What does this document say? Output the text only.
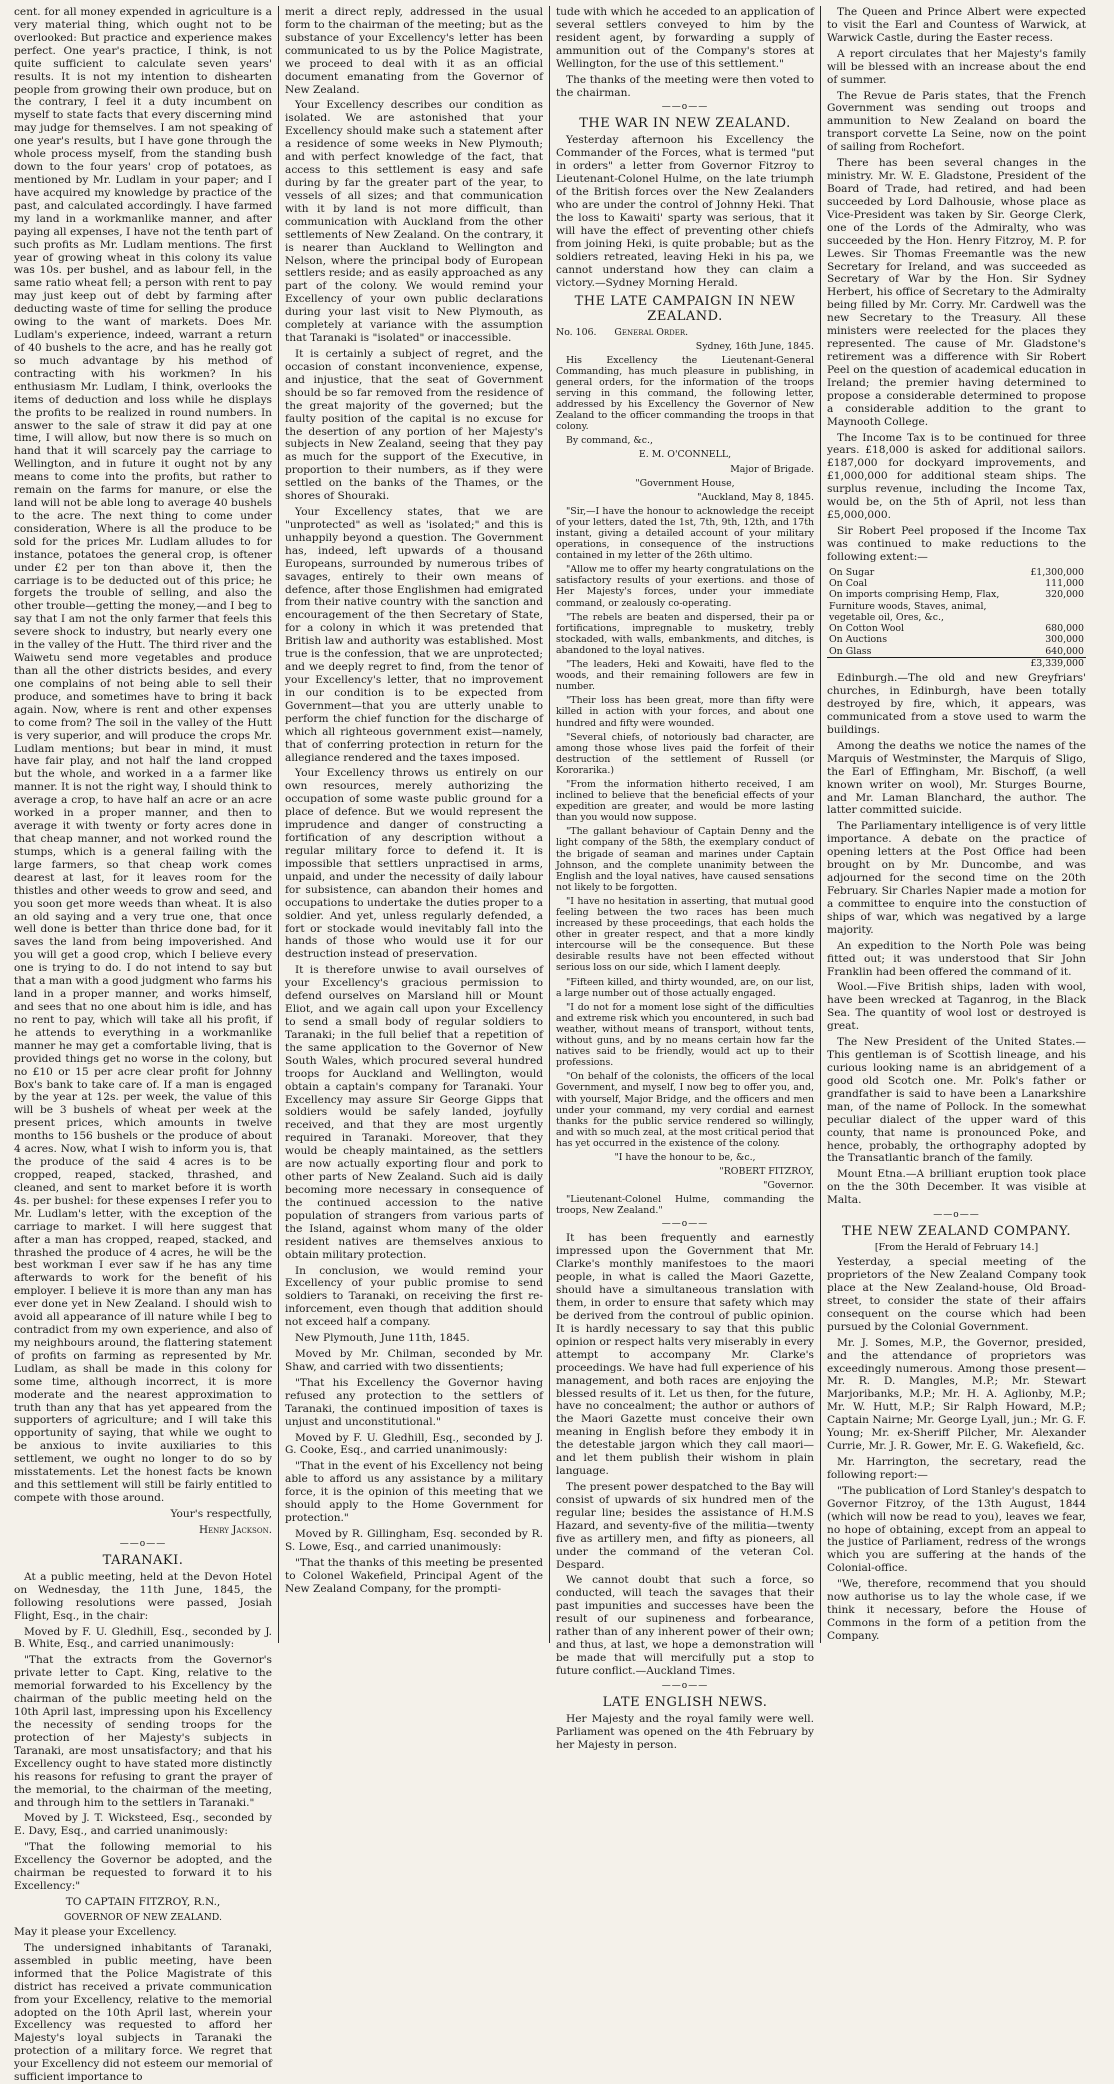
cent. for all money expended in agriculture is a very material thing, which ought not to be overlooked: But practice and experience makes perfect. One year's practice, I think, is not quite sufficient to calculate seven years' results. It is not my intention to dishearten people from growing their own produce, but on the contrary, I feel it a duty incumbent on myself to state facts that every discerning mind may judge for themselves. I am not speaking of one year's results, but I have gone through the whole process myself, from the standing bush down to the four years' crop of potatoes, as mentioned by Mr. Ludlam in your paper; and I have acquired my knowledge by practice of the past, and calculated accordingly. I have farmed my land in a workmanlike manner, and after paying all expenses, I have not the tenth part of such profits as Mr. Ludlam mentions. The first year of growing wheat in this colony its value was 10s. per bushel, and as labour fell, in the same ratio wheat fell; a person with rent to pay may just keep out of debt by farming after deducting waste of time for selling the produce owing to the want of markets. Does Mr. Ludlam's experience, indeed, warrant a return of 40 bushels to the acre, and has he really got so much advantage by his method of contracting with his workmen? In his enthusiasm Mr. Ludlam, I think, overlooks the items of deduction and loss while he displays the profits to be realized in round numbers. In answer to the sale of straw it did pay at one time, I will allow, but now there is so much on hand that it will scarcely pay the carriage to Wellington, and in future it ought not by any means to come into the profits, but rather to remain on the farms for manure, or else the land will not be able long to average 40 bushels to the acre. The next thing to come under consideration, Where is all the produce to be sold for the prices Mr. Ludlam alludes to for instance, potatoes the general crop, is oftener under £2 per ton than above it, then the carriage is to be deducted out of this price; he forgets the trouble of selling, and also the other trouble—getting the money,—and I beg to say that I am not the only farmer that feels this severe shock to industry, but nearly every one in the valley of the Hutt. The third river and the Waiwetu send more vegetables and produce than all the other districts besides, and every one complains of not being able to sell their produce, and sometimes have to bring it back again. Now, where is rent and other expenses to come from? The soil in the valley of the Hutt is very superior, and will produce the crops Mr. Ludlam mentions; but bear in mind, it must have fair play, and not half the land cropped but the whole, and worked in a a farmer like manner. It is not the right way, I should think to average a crop, to have half an acre or an acre worked in a proper manner, and then to average it with twenty or forty acres done in that cheap manner, and not worked round the stumps, which is a general failing with the large farmers, so that cheap work comes dearest at last, for it leaves room for the thistles and other weeds to grow and seed, and you soon get more weeds than wheat. It is also an old saying and a very true one, that once well done is better than thrice done bad, for it saves the land from being impoverished. And you will get a good crop, which I believe every one is trying to do. I do not intend to say but that a man with a good judgment who farms his land in a proper manner, and works himself, and sees that no one about him is idle, and has no rent to pay, which will take all his profit, if he attends to everything in a workmanlike manner he may get a comfortable living, that is provided things get no worse in the colony, but no £10 or 15 per acre clear profit for Johnny Box's bank to take care of. If a man is engaged by the year at 12s. per week, the value of this will be 3 bushels of wheat per week at the present prices, which amounts in twelve months to 156 bushels or the produce of about 4 acres. Now, what I wish to inform you is, that the produce of the said 4 acres is to be cropped, reaped, stacked, thrashed, and cleaned, and sent to market before it is worth 4s. per bushel: for these expenses I refer you to Mr. Ludlam's letter, with the exception of the carriage to market. I will here suggest that after a man has cropped, reaped, stacked, and thrashed the produce of 4 acres, he will be the best workman I ever saw if he has any time afterwards to work for the benefit of his employer. I believe it is more than any man has ever done yet in New Zealand. I should wish to avoid all appearance of ill nature while I beg to contradict from my own experience, and also of my neighbours around, the flattering statement of profits on farming as represented by Mr. Ludlam, as shall be made in this colony for some time, although incorrect, it is more moderate and the nearest approximation to truth than any that has yet appeared from the supporters of agriculture; and I will take this opportunity of saying, that while we ought to be anxious to invite auxiliaries to this settlement, we ought no longer to do so by misstatements. Let the honest facts be known and this settlement will still be fairly entitled to compete with those around.

Your's respectfully,

Henry Jackson.
——o——
TARANAKI.

At a public meeting, held at the Devon Hotel on Wednesday, the 11th June, 1845, the following resolutions were passed, Josiah Flight, Esq., in the chair:

Moved by F. U. Gledhill, Esq., seconded by J. B. White, Esq., and carried unanimously:

"That the extracts from the Governor's private letter to Capt. King, relative to the memorial forwarded to his Excellency by the chairman of the public meeting held on the 10th April last, impressing upon his Excellency the necessity of sending troops for the protection of her Majesty's subjects in Taranaki, are most unsatisfactory; and that his Excellency ought to have stated more distinctly his reasons for refusing to grant the prayer of the memorial, to the chairman of the meeting, and through him to the settlers in Taranaki."

Moved by J. T. Wicksteed, Esq., seconded by E. Davy, Esq., and carried unanimously:

"That the following memorial to his Excellency the Governor be adopted, and the chairman be requested to forward it to his Excellency:"

TO CAPTAIN FITZROY, R.N.,

GOVERNOR OF NEW ZEALAND.

May it please your Excellency.

The undersigned inhabitants of Taranaki, assembled in public meeting, have been informed that the Police Magistrate of this district has received a private communication from your Excellency, relative to the memorial adopted on the 10th April last, wherein your Excellency was requested to afford her Majesty's loyal subjects in Taranaki the protection of a military force. We regret that your Excellency did not esteem our memorial of sufficient importance to

merit a direct reply, addressed in the usual form to the chairman of the meeting; but as the substance of your Excellency's letter has been communicated to us by the Police Magistrate, we proceed to deal with it as an official document emanating from the Governor of New Zealand.

Your Excellency describes our condition as isolated. We are astonished that your Excellency should make such a statement after a residence of some weeks in New Plymouth; and with perfect knowledge of the fact, that access to this settlement is easy and safe during by far the greater part of the year, to vessels of all sizes; and that communication with it by land is not more difficult, than communication with Auckland from the other settlements of New Zealand. On the contrary, it is nearer than Auckland to Wellington and Nelson, where the principal body of European settlers reside; and as easily approached as any part of the colony. We would remind your Excellency of your own public declarations during your last visit to New Plymouth, as completely at variance with the assumption that Taranaki is "isolated" or inaccessible.

It is certainly a subject of regret, and the occasion of constant inconvenience, expense, and injustice, that the seat of Government should be so far removed from the residence of the great majority of the governed; but the faulty position of the capital is no excuse for the desertion of any portion of her Majesty's subjects in New Zealand, seeing that they pay as much for the support of the Executive, in proportion to their numbers, as if they were settled on the banks of the Thames, or the shores of Shouraki.

Your Excellency states, that we are "unprotected" as well as 'isolated;" and this is unhappily beyond a question. The Government has, indeed, left upwards of a thousand Europeans, surrounded by numerous tribes of savages, entirely to their own means of defence, after those Englishmen had emigrated from their native country with the sanction and encouragement of the then Secretary of State, for a colony in which it was pretended that British law and authority was established. Most true is the confession, that we are unprotected; and we deeply regret to find, from the tenor of your Excellency's letter, that no improvement in our condition is to be expected from Government—that you are utterly unable to perform the chief function for the discharge of which all righteous government exist—namely, that of conferring protection in return for the allegiance rendered and the taxes imposed.

Your Excellency throws us entirely on our own resources, merely authorizing the occupation of some waste public ground for a place of defence. But we would represent the imprudence and danger of constructing a fortification of any description without a regular military force to defend it. It is impossible that settlers unpractised in arms, unpaid, and under the necessity of daily labour for subsistence, can abandon their homes and occupations to undertake the duties proper to a soldier. And yet, unless regularly defended, a fort or stockade would inevitably fall into the hands of those who would use it for our destruction instead of preservation.

It is therefore unwise to avail ourselves of your Excellency's gracious permission to defend ourselves on Marsland hill or Mount Eliot, and we again call upon your Excellency to send a small body of regular soldiers to Taranaki; in the full belief that a repetition of the same application to the Governor of New South Wales, which procured several hundred troops for Auckland and Wellington, would obtain a captain's company for Taranaki. Your Excellency may assure Sir George Gipps that soldiers would be safely landed, joyfully received, and that they are most urgently required in Taranaki. Moreover, that they would be cheaply maintained, as the settlers are now actually exporting flour and pork to other parts of New Zealand. Such aid is daily becoming more necessary in consequence of the continued accession to the native population of strangers from various parts of the Island, against whom many of the older resident natives are themselves anxious to obtain military protection.

In conclusion, we would remind your Excellency of your public promise to send soldiers to Taranaki, on receiving the first re-inforcement, even though that addition should not exceed half a company.

New Plymouth, June 11th, 1845.

Moved by Mr. Chilman, seconded by Mr. Shaw, and carried with two dissentients;

"That his Excellency the Governor having refused any protection to the settlers of Taranaki, the continued imposition of taxes is unjust and unconstitutional."

Moved by F. U. Gledhill, Esq., seconded by J. G. Cooke, Esq., and carried unanimously:

"That in the event of his Excellency not being able to afford us any assistance by a military force, it is the opinion of this meeting that we should apply to the Home Government for protection."

Moved by R. Gillingham, Esq. seconded by R. S. Lowe, Esq., and carried unanimously:

"That the thanks of this meeting be presented to Colonel Wakefield, Principal Agent of the New Zealand Company, for the prompti-

tude with which he acceded to an application of several settlers conveyed to him by the resident agent, by forwarding a supply of ammunition out of the Company's stores at Wellington, for the use of this settlement."

The thanks of the meeting were then voted to the chairman.

——o——
THE WAR IN NEW ZEALAND.

Yesterday afternoon his Excellency the Commander of the Forces, what is termed "put in orders" a letter from Governor Fitzroy to Lieutenant-Colonel Hulme, on the late triumph of the British forces over the New Zealanders who are under the control of Johnny Heki. That the loss to Kawaiti' sparty was serious, that it will have the effect of preventing other chiefs from joining Heki, is quite probable; but as the soldiers retreated, leaving Heki in his pa, we cannot understand how they can claim a victory.—Sydney Morning Herald.

THE LATE CAMPAIGN IN NEW ZEALAND.

No. 106. General Order.

Sydney, 16th June, 1845.

His Excellency the Lieutenant-General Commanding, has much pleasure in publishing, in general orders, for the information of the troops serving in this command, the following letter, addressed by his Excellency the Governor of New Zealand to the officer commanding the troops in that colony.

By command, &c.,

E. M. O'CONNELL,

Major of Brigade.

"Government House,

"Auckland, May 8, 1845.

"Sir,—I have the honour to acknowledge the receipt of your letters, dated the 1st, 7th, 9th, 12th, and 17th instant, giving a detailed account of your military operations, in consequence of the instructions contained in my letter of the 26th ultimo.

"Allow me to offer my hearty congratulations on the satisfactory results of your exertions. and those of Her Majesty's forces, under your immediate command, or zealously co-operating.

"The rebels are beaten and dispersed, their pa or fortifications, impregnable to musketry, trebly stockaded, with walls, embankments, and ditches, is abandoned to the loyal natives.

"The leaders, Heki and Kowaiti, have fled to the woods, and their remaining followers are few in number.

"Their loss has been great, more than fifty were killed in action with your forces, and about one hundred and fifty were wounded.

"Several chiefs, of notoriously bad character, are among those whose lives paid the forfeit of their destruction of the settlement of Russell (or Kororarika.)

"From the information hitherto received, I am inclined to believe that the beneficial effects of your expedition are greater, and would be more lasting than you would now suppose.

"The gallant behaviour of Captain Denny and the light company of the 58th, the exemplary conduct of the brigade of seaman and marines under Captain Johnson, and the complete unanimity between the English and the loyal natives, have caused sensations not likely to be forgotten.

"I have no hesitation in asserting, that mutual good feeling between the two races has been much increased by these proceedings, that each holds the other in greater respect, and that a more kindly intercourse will be the consequence. But these desirable results have not been effected without serious loss on our side, which I lament deeply.

"Fifteen killed, and thirty wounded, are, on our list, a large number out of those actually engaged.

"I do not for a moment lose sight of the difficulties and extreme risk which you encountered, in such bad weather, without means of transport, without tents, without guns, and by no means certain how far the natives said to be friendly, would act up to their professions.

"On behalf of the colonists, the officers of the local Government, and myself, I now beg to offer you, and, with yourself, Major Bridge, and the officers and men under your command, my very cordial and earnest thanks for the public service rendered so willingly, and with so much zeal, at the most critical period that has yet occurred in the existence of the colony.

"I have the honour to be, &c.,

"ROBERT FITZROY,

"Governor.

"Lieutenant-Colonel Hulme, commanding the troops, New Zealand."

——o——

It has been frequently and earnestly impressed upon the Government that Mr. Clarke's monthly manifestoes to the maori people, in what is called the Maori Gazette, should have a simultaneous translation with them, in order to ensure that safety which may be derived from the controul of public opinion. It is hardly necessary to say that this public opinion or respect halts very miserably in every attempt to accompany Mr. Clarke's proceedings. We have had full experience of his management, and both races are enjoying the blessed results of it. Let us then, for the future, have no concealment; the author or authors of the Maori Gazette must conceive their own meaning in English before they embody it in the detestable jargon which they call maori—and let them publish their wishom in plain language.

The present power despatched to the Bay will consist of upwards of six hundred men of the regular line; besides the assistance of H.M.S Hazard, and seventy-five of the militia—twenty five as artillery men, and fifty as pioneers, all under the command of the veteran Col. Despard.

We cannot doubt that such a force, so conducted, will teach the savages that their past impunities and successes have been the result of our supineness and forbearance, rather than of any inherent power of their own; and thus, at last, we hope a demonstration will be made that will mercifully put a stop to future conflict.—Auckland Times.

——o——
LATE ENGLISH NEWS.

Her Majesty and the royal family were well. Parliament was opened on the 4th February by her Majesty in person.

The Queen and Prince Albert were expected to visit the Earl and Countess of Warwick, at Warwick Castle, during the Easter recess.

A report circulates that her Majesty's family will be blessed with an increase about the end of summer.

The Revue de Paris states, that the French Government was sending out troops and ammunition to New Zealand on board the transport corvette La Seine, now on the point of sailing from Rochefort.

There has been several changes in the ministry. Mr. W. E. Gladstone, President of the Board of Trade, had retired, and had been succeeded by Lord Dalhousie, whose place as Vice-President was taken by Sir. George Clerk, one of the Lords of the Admiralty, who was succeeded by the Hon. Henry Fitzroy, M. P. for Lewes. Sir Thomas Freemantle was the new Secretary for Ireland, and was succeeded as Secretary of War by the Hon. Sir Sydney Herbert, his office of Secretary to the Admiralty being filled by Mr. Corry. Mr. Cardwell was the new Secretary to the Treasury. All these ministers were reelected for the places they represented. The cause of Mr. Gladstone's retirement was a difference with Sir Robert Peel on the question of academical education in Ireland; the premier having determined to propose a considerable determined to propose a considerable addition to the grant to Maynooth College.

The Income Tax is to be continued for three years. £18,000 is asked for additional sailors. £187,000 for dockyard improvements, and £1,000,000 for additional steam ships. The surplus revenue, including the Income Tax, would be, on the 5th of April, not less than £5,000,000.

Sir Robert Peel proposed if the Income Tax was continued to make reductions to the following extent:—

On Sugar	£1,300,000
On Coal	111,000
On imports comprising Hemp, Flax, Furniture woods, Staves, animal, vegetable oil, Ores, &c.,	320,000
On Cotton Wool	680,000
On Auctions	300,000
On Glass	640,000
	£3,339,000

Edinburgh.—The old and new Greyfriars' churches, in Edinburgh, have been totally destroyed by fire, which, it appears, was communicated from a stove used to warm the buildings.

Among the deaths we notice the names of the Marquis of Westminster, the Marquis of Sligo, the Earl of Effingham, Mr. Bischoff, (a well known writer on wool), Mr. Sturges Bourne, and Mr. Laman Blanchard, the author. The latter committed suicide.

The Parliamentary intelligence is of very little importance. A debate on the practice of opening letters at the Post Office had been brought on by Mr. Duncombe, and was adjourned for the second time on the 20th February. Sir Charles Napier made a motion for a committee to enquire into the constuction of ships of war, which was negatived by a large majority.

An expedition to the North Pole was being fitted out; it was understood that Sir John Franklin had been offered the command of it.

Wool.—Five British ships, laden with wool, have been wrecked at Taganrog, in the Black Sea. The quantity of wool lost or destroyed is great.

The New President of the United States.—This gentleman is of Scottish lineage, and his curious looking name is an abridgement of a good old Scotch one. Mr. Polk's father or grandfather is said to have been a Lanarkshire man, of the name of Pollock. In the somewhat peculiar dialect of the upper ward of this county, that name is pronounced Poke, and hence, probably, the orthography adopted by the Transatlantic branch of the family.

Mount Etna.—A brilliant eruption took place on the the 30th December. It was visible at Malta.

——o——
THE NEW ZEALAND COMPANY.
[From the Herald of February 14.]

Yesterday, a special meeting of the proprietors of the New Zealand Company took place at the New Zealand-house, Old Broad-street, to consider the state of their affairs consequent on the course which had been pursued by the Colonial Government.

Mr. J. Somes, M.P., the Governor, presided, and the attendance of proprietors was exceedingly numerous. Among those present—Mr. R. D. Mangles, M.P.; Mr. Stewart Marjoribanks, M.P.; Mr. H. A. Aglionby, M.P.; Mr. W. Hutt, M.P.; Sir Ralph Howard, M.P.; Captain Nairne; Mr. George Lyall, jun.; Mr. G. F. Young; Mr. ex-Sheriff Pilcher, Mr. Alexander Currie, Mr. J. R. Gower, Mr. E. G. Wakefield, &c.

Mr. Harrington, the secretary, read the following report:—

"The publication of Lord Stanley's despatch to Governor Fitzroy, of the 13th August, 1844 (which will now be read to you), leaves we fear, no hope of obtaining, except from an appeal to the justice of Parliament, redress of the wrongs which you are suffering at the hands of the Colonial-office.

"We, therefore, recommend that you should now authorise us to lay the whole case, if we think it necessary, before the House of Commons in the form of a petition from the Company.
